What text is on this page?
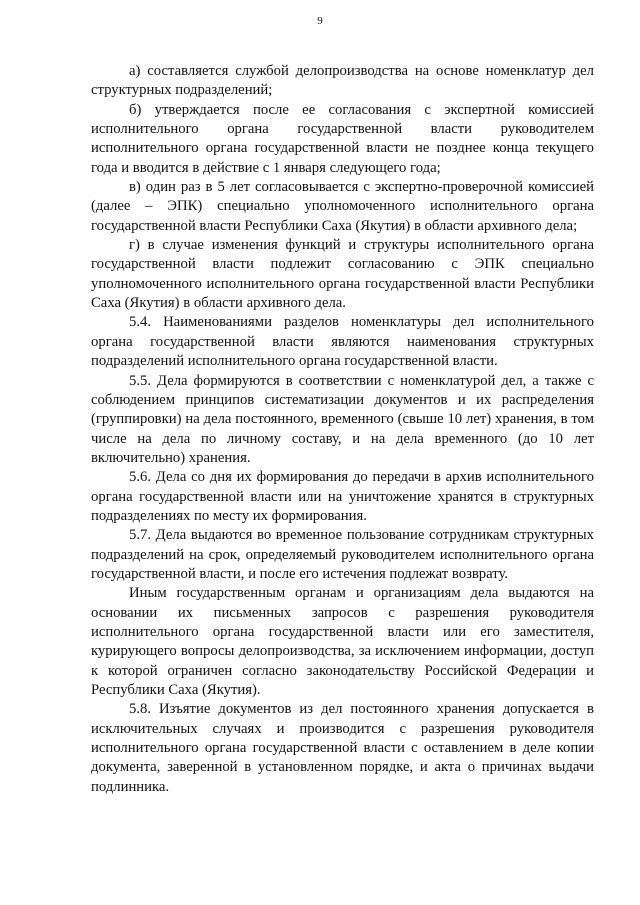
9

а) составляется службой делопроизводства на основе номенклатур дел структурных подразделений;

б) утверждается после ее согласования с экспертной комиссией исполнительного органа государственной власти руководителем исполнительного органа государственной власти не позднее конца текущего года и вводится в действие с 1 января следующего года;

в) один раз в 5 лет согласовывается с экспертно-проверочной комиссией (далее – ЭПК) специально уполномоченного исполнительного органа государственной власти Республики Саха (Якутия) в области архивного дела;

г) в случае изменения функций и структуры исполнительного органа государственной власти подлежит согласованию с ЭПК специально уполномоченного исполнительного органа государственной власти Республики Саха (Якутия) в области архивного дела.

5.4. Наименованиями разделов номенклатуры дел исполнительного органа государственной власти являются наименования структурных подразделений исполнительного органа государственной власти.

5.5. Дела формируются в соответствии с номенклатурой дел, а также с соблюдением принципов систематизации документов и их распределения (группировки) на дела постоянного, временного (свыше 10 лет) хранения, в том числе на дела по личному составу, и на дела временного (до 10 лет включительно) хранения.

5.6. Дела со дня их формирования до передачи в архив исполнительного органа государственной власти или на уничтожение хранятся в структурных подразделениях по месту их формирования.

5.7. Дела выдаются во временное пользование сотрудникам структурных подразделений на срок, определяемый руководителем исполнительного органа государственной власти, и после его истечения подлежат возврату.

Иным государственным органам и организациям дела выдаются на основании их письменных запросов с разрешения руководителя исполнительного органа государственной власти или его заместителя, курирующего вопросы делопроизводства, за исключением информации, доступ к которой ограничен согласно законодательству Российской Федерации и Республики Саха (Якутия).

5.8. Изъятие документов из дел постоянного хранения допускается в исключительных случаях и производится с разрешения руководителя исполнительного органа государственной власти с оставлением в деле копии документа, заверенной в установленном порядке, и акта о причинах выдачи подлинника.
